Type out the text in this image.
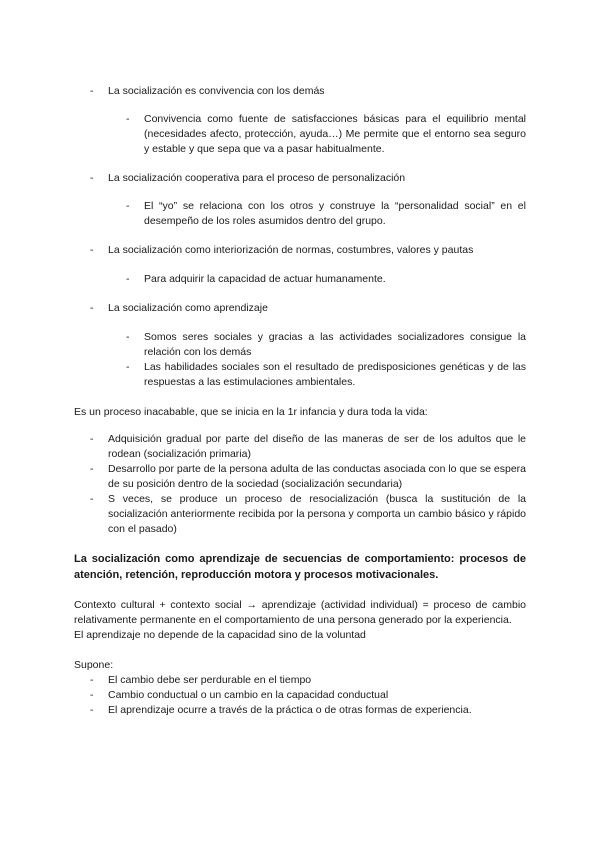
- La socialización es convivencia con los demás
- Convivencia como fuente de satisfacciones básicas para el equilibrio mental (necesidades afecto, protección, ayuda…) Me permite que el entorno sea seguro y estable y que sepa que va a pasar habitualmente.
- La socialización cooperativa para el proceso de personalización
- El “yo” se relaciona con los otros y construye la “personalidad social” en el desempeño de los roles asumidos dentro del grupo.
- La socialización como interiorización de normas, costumbres, valores y pautas
- Para adquirir la capacidad de actuar humanamente.
- La socialización como aprendizaje
- Somos seres sociales y gracias a las actividades socializadores consigue la relación con los demás
- Las habilidades sociales son el resultado de predisposiciones genéticas y de las respuestas a las estimulaciones ambientales.

Es un proceso inacabable, que se inicia en la 1r infancia y dura toda la vida:

- Adquisición gradual por parte del diseño de las maneras de ser de los adultos que le rodean (socialización primaria)
- Desarrollo por parte de la persona adulta de las conductas asociada con lo que se espera de su posición dentro de la sociedad (socialización secundaria)
- S veces, se produce un proceso de resocialización (busca la sustitución de la socialización anteriormente recibida por la persona y comporta un cambio básico y rápido con el pasado)

La socialización como aprendizaje de secuencias de comportamiento: procesos de atención, retención, reproducción motora y procesos motivacionales.

Contexto cultural + contexto social → aprendizaje (actividad individual) = proceso de cambio relativamente permanente en el comportamiento de una persona generado por la experiencia.

El aprendizaje no depende de la capacidad sino de la voluntad

Supone:

- El cambio debe ser perdurable en el tiempo
- Cambio conductual o un cambio en la capacidad conductual
- El aprendizaje ocurre a través de la práctica o de otras formas de experiencia.
